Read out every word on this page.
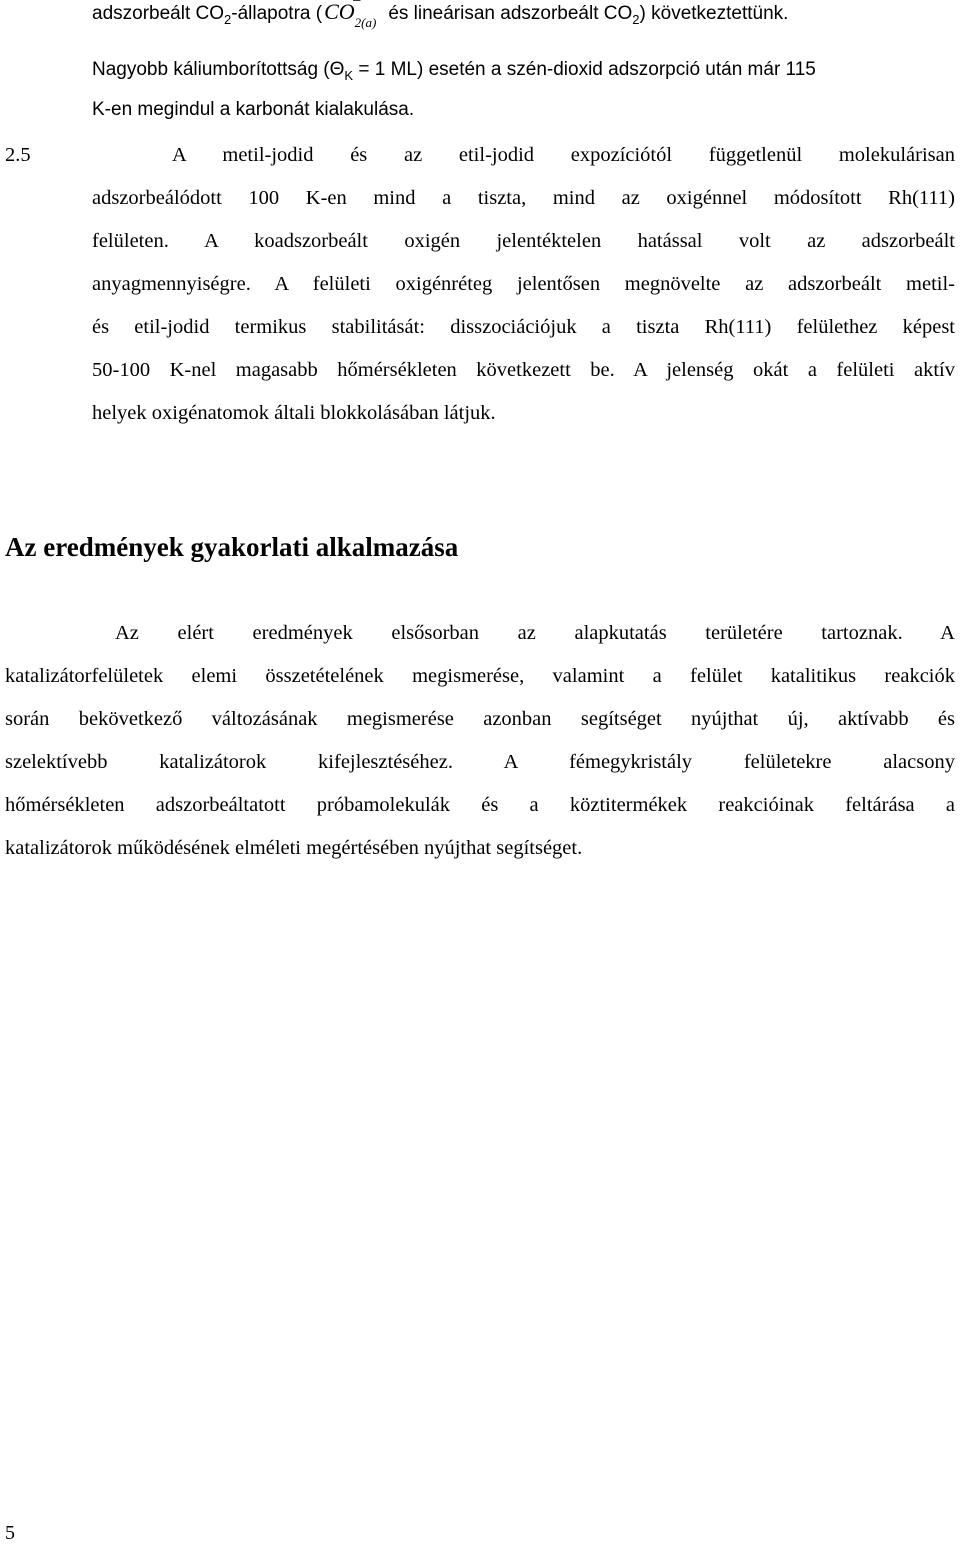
adszorbeált $CO_2$-állapotra (CO
−
$_{2(a)}$ és lineárisan adszorbeált $CO_2$) következtettünk.
Nagyobb káliumborítottság ($\Theta_K = 1$ ML) esetén a szén-dioxid adszorpció után már 115
K-en megindul a karbonát kialakulása.
2.5	A metil-jodid és az etil-jodid expozíciótól függetlenül molekulárisan
adszorbeálódott 100 K-en mind a tiszta, mind az oxigénnel módosított Rh(111)
felületen. A koadszorbeált oxigén jelentéktelen hatással volt az adszorbeált
anyagmennyiségre. A felületi oxigénréteg jelentősen megnövelte az adszorbeált metil-
és etil-jodid termikus stabilitását: disszociációjuk a tiszta Rh(111) felülethez képest
50-100 K-nel magasabb hőmérsékleten következett be. A jelenség okát a felületi aktív
helyek oxigénatomok általi blokkolásában látjuk.
Az eredmények gyakorlati alkalmazása
Az elért eredmények elsősorban az alapkutatás területére tartoznak. A
katalizátorfelületek elemi összetételének megismerése, valamint a felület katalitikus reakciók
során bekövetkező változásának megismerése azonban segítséget nyújthat új, aktívabb és
szelektívebb katalizátorok kifejlesztéséhez. A fémegykristály felületekre alacsony
hőmérsékleten adszorbeáltatott próbamolekulák és a köztitermékek reakcióinak feltárása a
katalizátorok működésének elméleti megértésében nyújthat segítséget.
5
